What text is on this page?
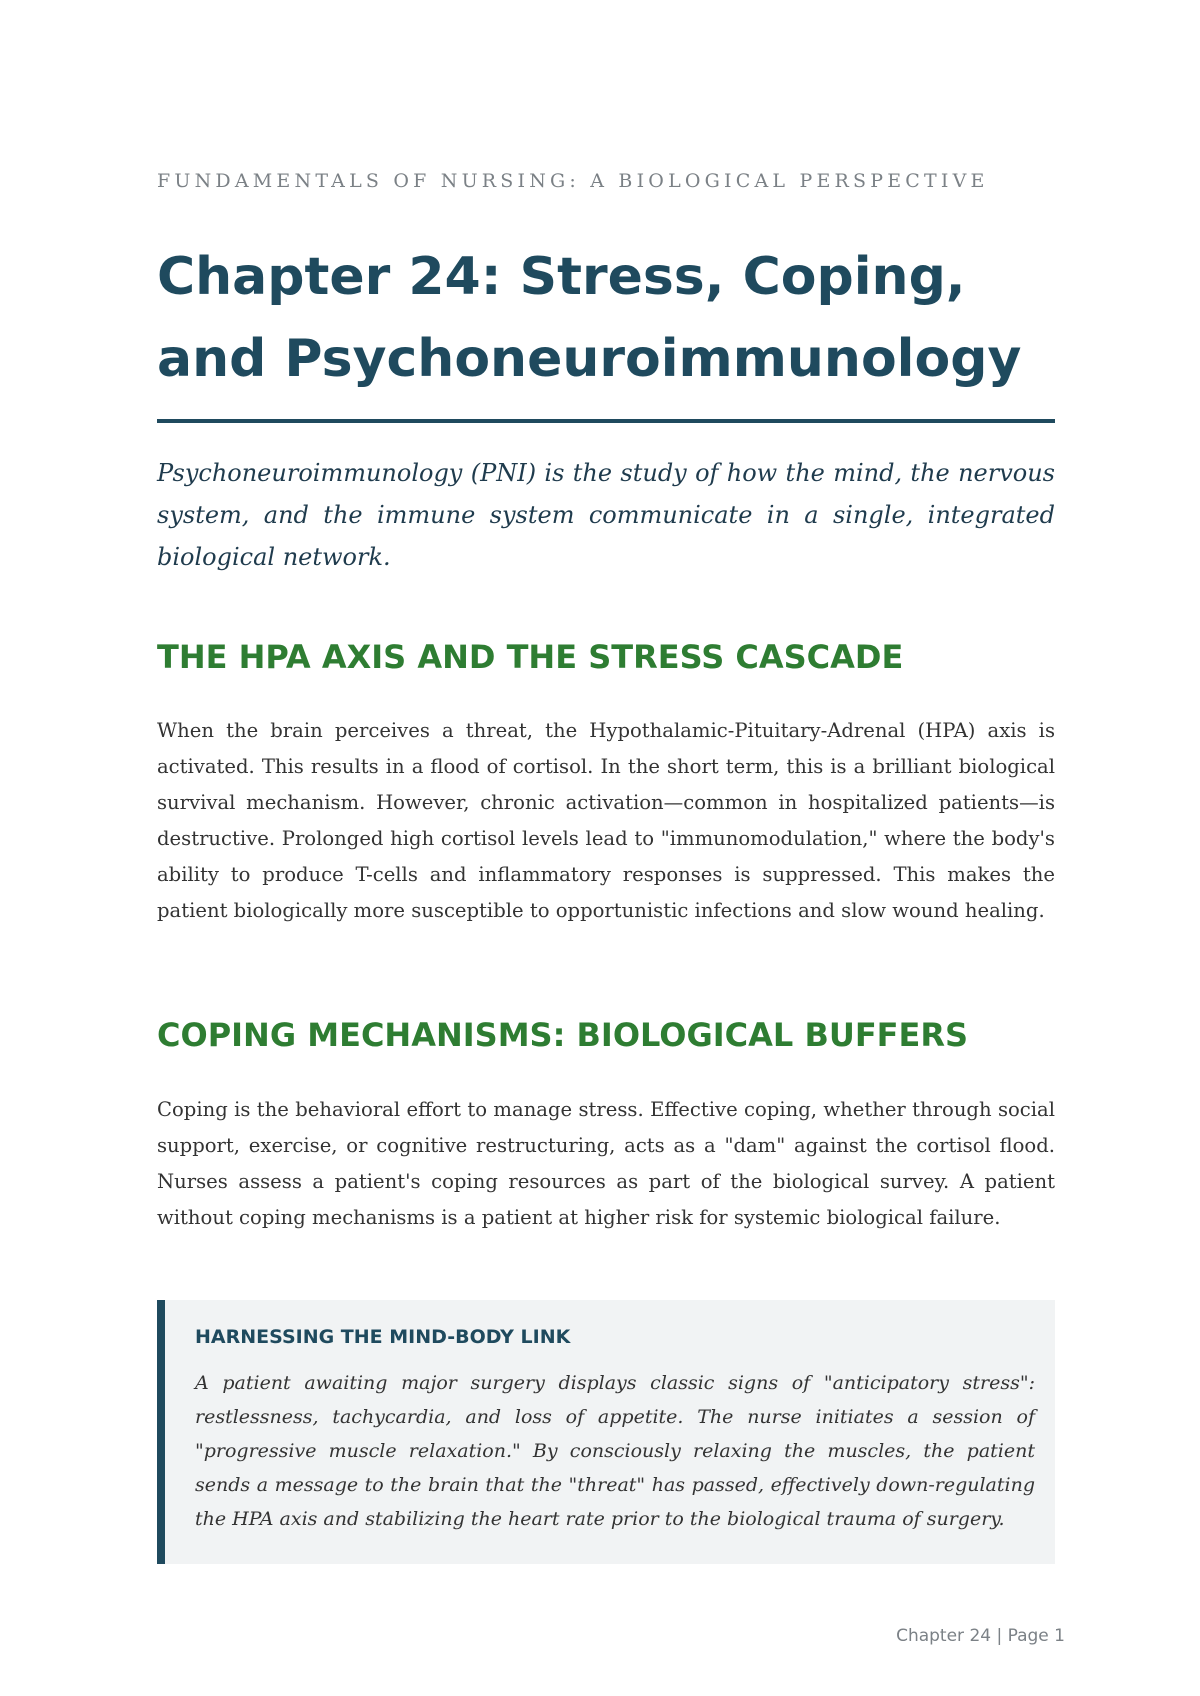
FUNDAMENTALS OF NURSING: A BIOLOGICAL PERSPECTIVE
Chapter 24: Stress, Coping, and Psychoneuroimmunology

Psychoneuroimmunology (PNI) is the study of how the mind, the nervous system, and the immune system communicate in a single, integrated biological network.

THE HPA AXIS AND THE STRESS CASCADE

When the brain perceives a threat, the Hypothalamic-Pituitary-Adrenal (HPA) axis is activated. This results in a flood of cortisol. In the short term, this is a brilliant biological survival mechanism. However, chronic activation—common in hospitalized patients—is destructive. Prolonged high cortisol levels lead to "immunomodulation," where the body's ability to produce T-cells and inflammatory responses is suppressed. This makes the patient biologically more susceptible to opportunistic infections and slow wound healing.

COPING MECHANISMS: BIOLOGICAL BUFFERS

Coping is the behavioral effort to manage stress. Effective coping, whether through social support, exercise, or cognitive restructuring, acts as a "dam" against the cortisol flood. Nurses assess a patient's coping resources as part of the biological survey. A patient without coping mechanisms is a patient at higher risk for systemic biological failure.

HARNESSING THE MIND-BODY LINK

A patient awaiting major surgery displays classic signs of "anticipatory stress": restlessness, tachycardia, and loss of appetite. The nurse initiates a session of "progressive muscle relaxation." By consciously relaxing the muscles, the patient sends a message to the brain that the "threat" has passed, effectively down-regulating the HPA axis and stabilizing the heart rate prior to the biological trauma of surgery.

Chapter 24 | Page 1
